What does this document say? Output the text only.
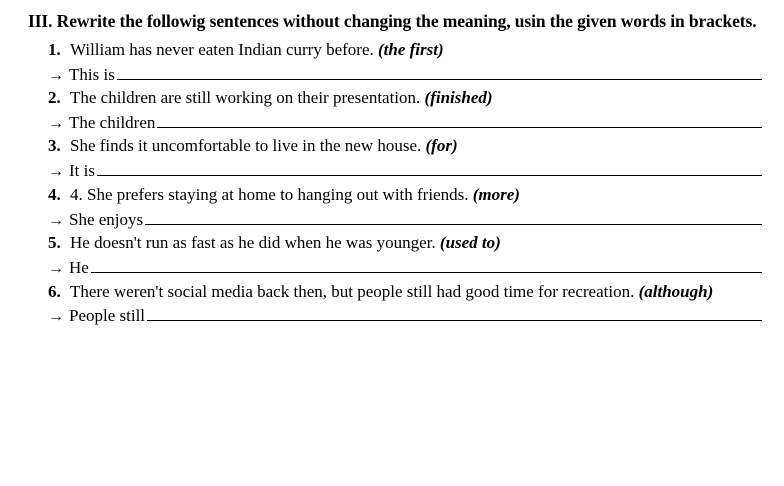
III. Rewrite the followig sentences without changing the meaning, usin the given words in brackets.
1. William has never eaten Indian curry before. (the first)
→ This is
2. The children are still working on their presentation. (finished)
→ The children
3. She finds it uncomfortable to live in the new house. (for)
→ It is
4. 4. She prefers staying at home to hanging out with friends. (more)
→ She enjoys
5. He doesn't run as fast as he did when he was younger. (used to)
→ He
6. There weren't social media back then, but people still had good time for recreation. (although)
→ People still
